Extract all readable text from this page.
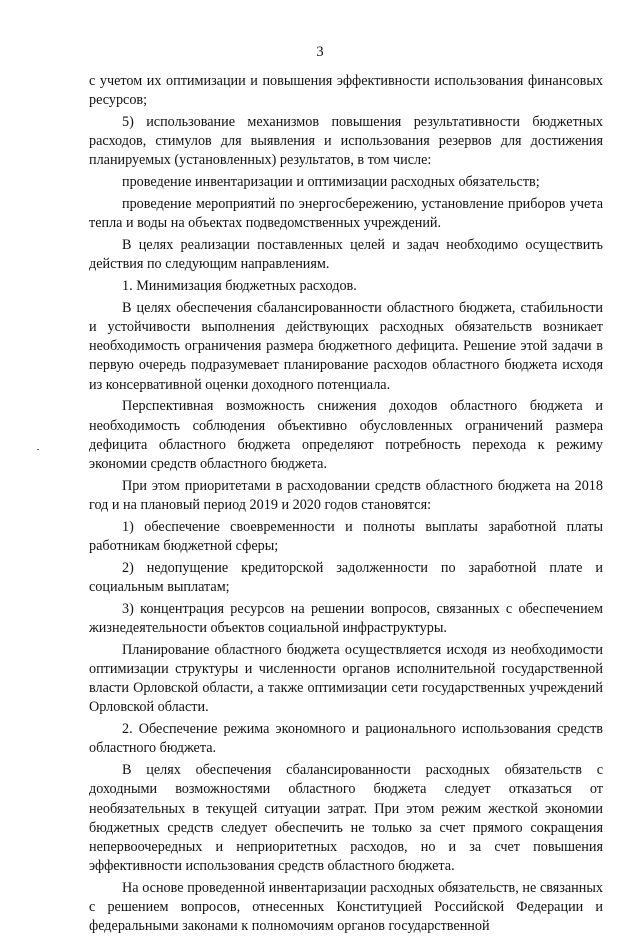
3

с учетом их оптимизации и повышения эффективности использования финансовых ресурсов;

5) использование механизмов повышения результативности бюджетных расходов, стимулов для выявления и использования резервов для достижения планируемых (установленных) результатов, в том числе:

проведение инвентаризации и оптимизации расходных обязательств;

проведение мероприятий по энергосбережению, установление приборов учета тепла и воды на объектах подведомственных учреждений.

В целях реализации поставленных целей и задач необходимо осуществить действия по следующим направлениям.

1. Минимизация бюджетных расходов.

В целях обеспечения сбалансированности областного бюджета, стабильности и устойчивости выполнения действующих расходных обязательств возникает необходимость ограничения размера бюджетного дефицита. Решение этой задачи в первую очередь подразумевает планирование расходов областного бюджета исходя из консервативной оценки доходного потенциала.

Перспективная возможность снижения доходов областного бюджета и необходимость соблюдения объективно обусловленных ограничений размера дефицита областного бюджета определяют потребность перехода к режиму экономии средств областного бюджета.

При этом приоритетами в расходовании средств областного бюджета на 2018 год и на плановый период 2019 и 2020 годов становятся:

1) обеспечение своевременности и полноты выплаты заработной платы работникам бюджетной сферы;

2) недопущение кредиторской задолженности по заработной плате и социальным выплатам;

3) концентрация ресурсов на решении вопросов, связанных с обеспечением жизнедеятельности объектов социальной инфраструктуры.

Планирование областного бюджета осуществляется исходя из необходимости оптимизации структуры и численности органов исполнительной государственной власти Орловской области, а также оптимизации сети государственных учреждений Орловской области.

2. Обеспечение режима экономного и рационального использования средств областного бюджета.

В целях обеспечения сбалансированности расходных обязательств с доходными возможностями областного бюджета следует отказаться от необязательных в текущей ситуации затрат. При этом режим жесткой экономии бюджетных средств следует обеспечить не только за счет прямого сокращения непервоочередных и неприоритетных расходов, но и за счет повышения эффективности использования средств областного бюджета.

На основе проведенной инвентаризации расходных обязательств, не связанных с решением вопросов, отнесенных Конституцией Российской Федерации и федеральными законами к полномочиям органов государственной
